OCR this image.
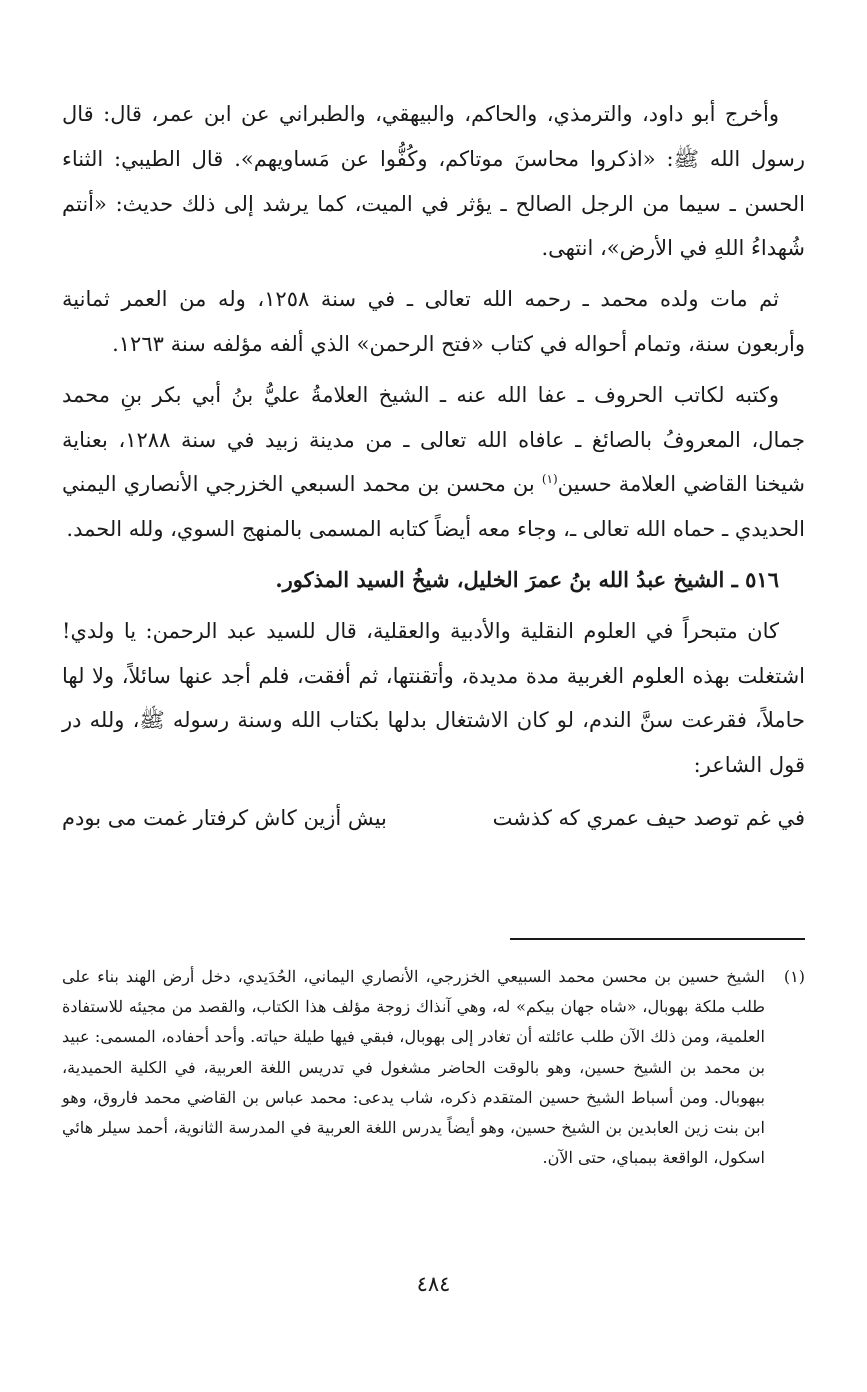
وأخرج أبو داود، والترمذي، والحاكم، والبيهقي، والطبراني عن ابن عمر، قال: قال رسول الله ﷺ: «اذكروا محاسنَ موتاكم، وكُفُّوا عن مَساويهم». قال الطيبي: الثناء الحسن ـ سيما من الرجل الصالح ـ يؤثر في الميت، كما يرشد إلى ذلك حديث: «أنتم شُهداءُ اللهِ في الأرض»، انتهى.

ثم مات ولده محمد ـ رحمه الله تعالى ـ في سنة ١٢٥٨، وله من العمر ثمانية وأربعون سنة، وتمام أحواله في كتاب «فتح الرحمن» الذي ألفه مؤلفه سنة ١٢٦٣.

وكتبه لكاتب الحروف ـ عفا الله عنه ـ الشيخ العلامةُ عليُّ بنُ أبي بكر بنِ محمد جمال، المعروفُ بالصائغ ـ عافاه الله تعالى ـ من مدينة زبيد في سنة ١٢٨٨، بعناية شيخنا القاضي العلامة حسين$^{(١)}$ بن محسن بن محمد السبعي الخزرجي الأنصاري اليمني الحديدي ـ حماه الله تعالى ـ، وجاء معه أيضاً كتابه المسمى بالمنهج السوي، ولله الحمد.

٥١٦ ـ الشيخ عبدُ الله بنُ عمرَ الخليل، شيخُ السيد المذكور.

كان متبحراً في العلوم النقلية والأدبية والعقلية، قال للسيد عبد الرحمن: يا ولدي! اشتغلت بهذه العلوم الغربية مدة مديدة، وأتقنتها، ثم أفقت، فلم أجد عنها سائلاً، ولا لها حاملاً، فقرعت سنَّ الندم، لو كان الاشتغال بدلها بكتاب الله وسنة رسوله ﷺ، ولله در قول الشاعر:

في غم توصد حيف عمري كه كذشت
بيش أزين كاش كرفتار غمت مى بودم
(١)
الشيخ حسين بن محسن محمد السبيعي الخزرجي، الأنصاري اليماني، الحُدَيدي، دخل أرض الهند بناء على طلب ملكة بهوبال، «شاه جهان بيكم» له، وهي آنذاك زوجة مؤلف هذا الكتاب، والقصد من مجيئه للاستفادة العلمية، ومن ذلك الآن طلب عائلته أن تغادر إلى بهوبال، فبقي فيها طيلة حياته. وأحد أحفاده، المسمى: عبيد بن محمد بن الشيخ حسين، وهو بالوقت الحاضر مشغول في تدريس اللغة العربية، في الكلية الحميدية، ببهوبال. ومن أسباط الشيخ حسين المتقدم ذكره، شاب يدعى: محمد عباس بن القاضي محمد فاروق، وهو ابن بنت زين العابدين بن الشيخ حسين، وهو أيضاً يدرس اللغة العربية في المدرسة الثانوية، أحمد سيلر هائي اسكول، الواقعة ببمباي، حتى الآن.
٤٨٤
